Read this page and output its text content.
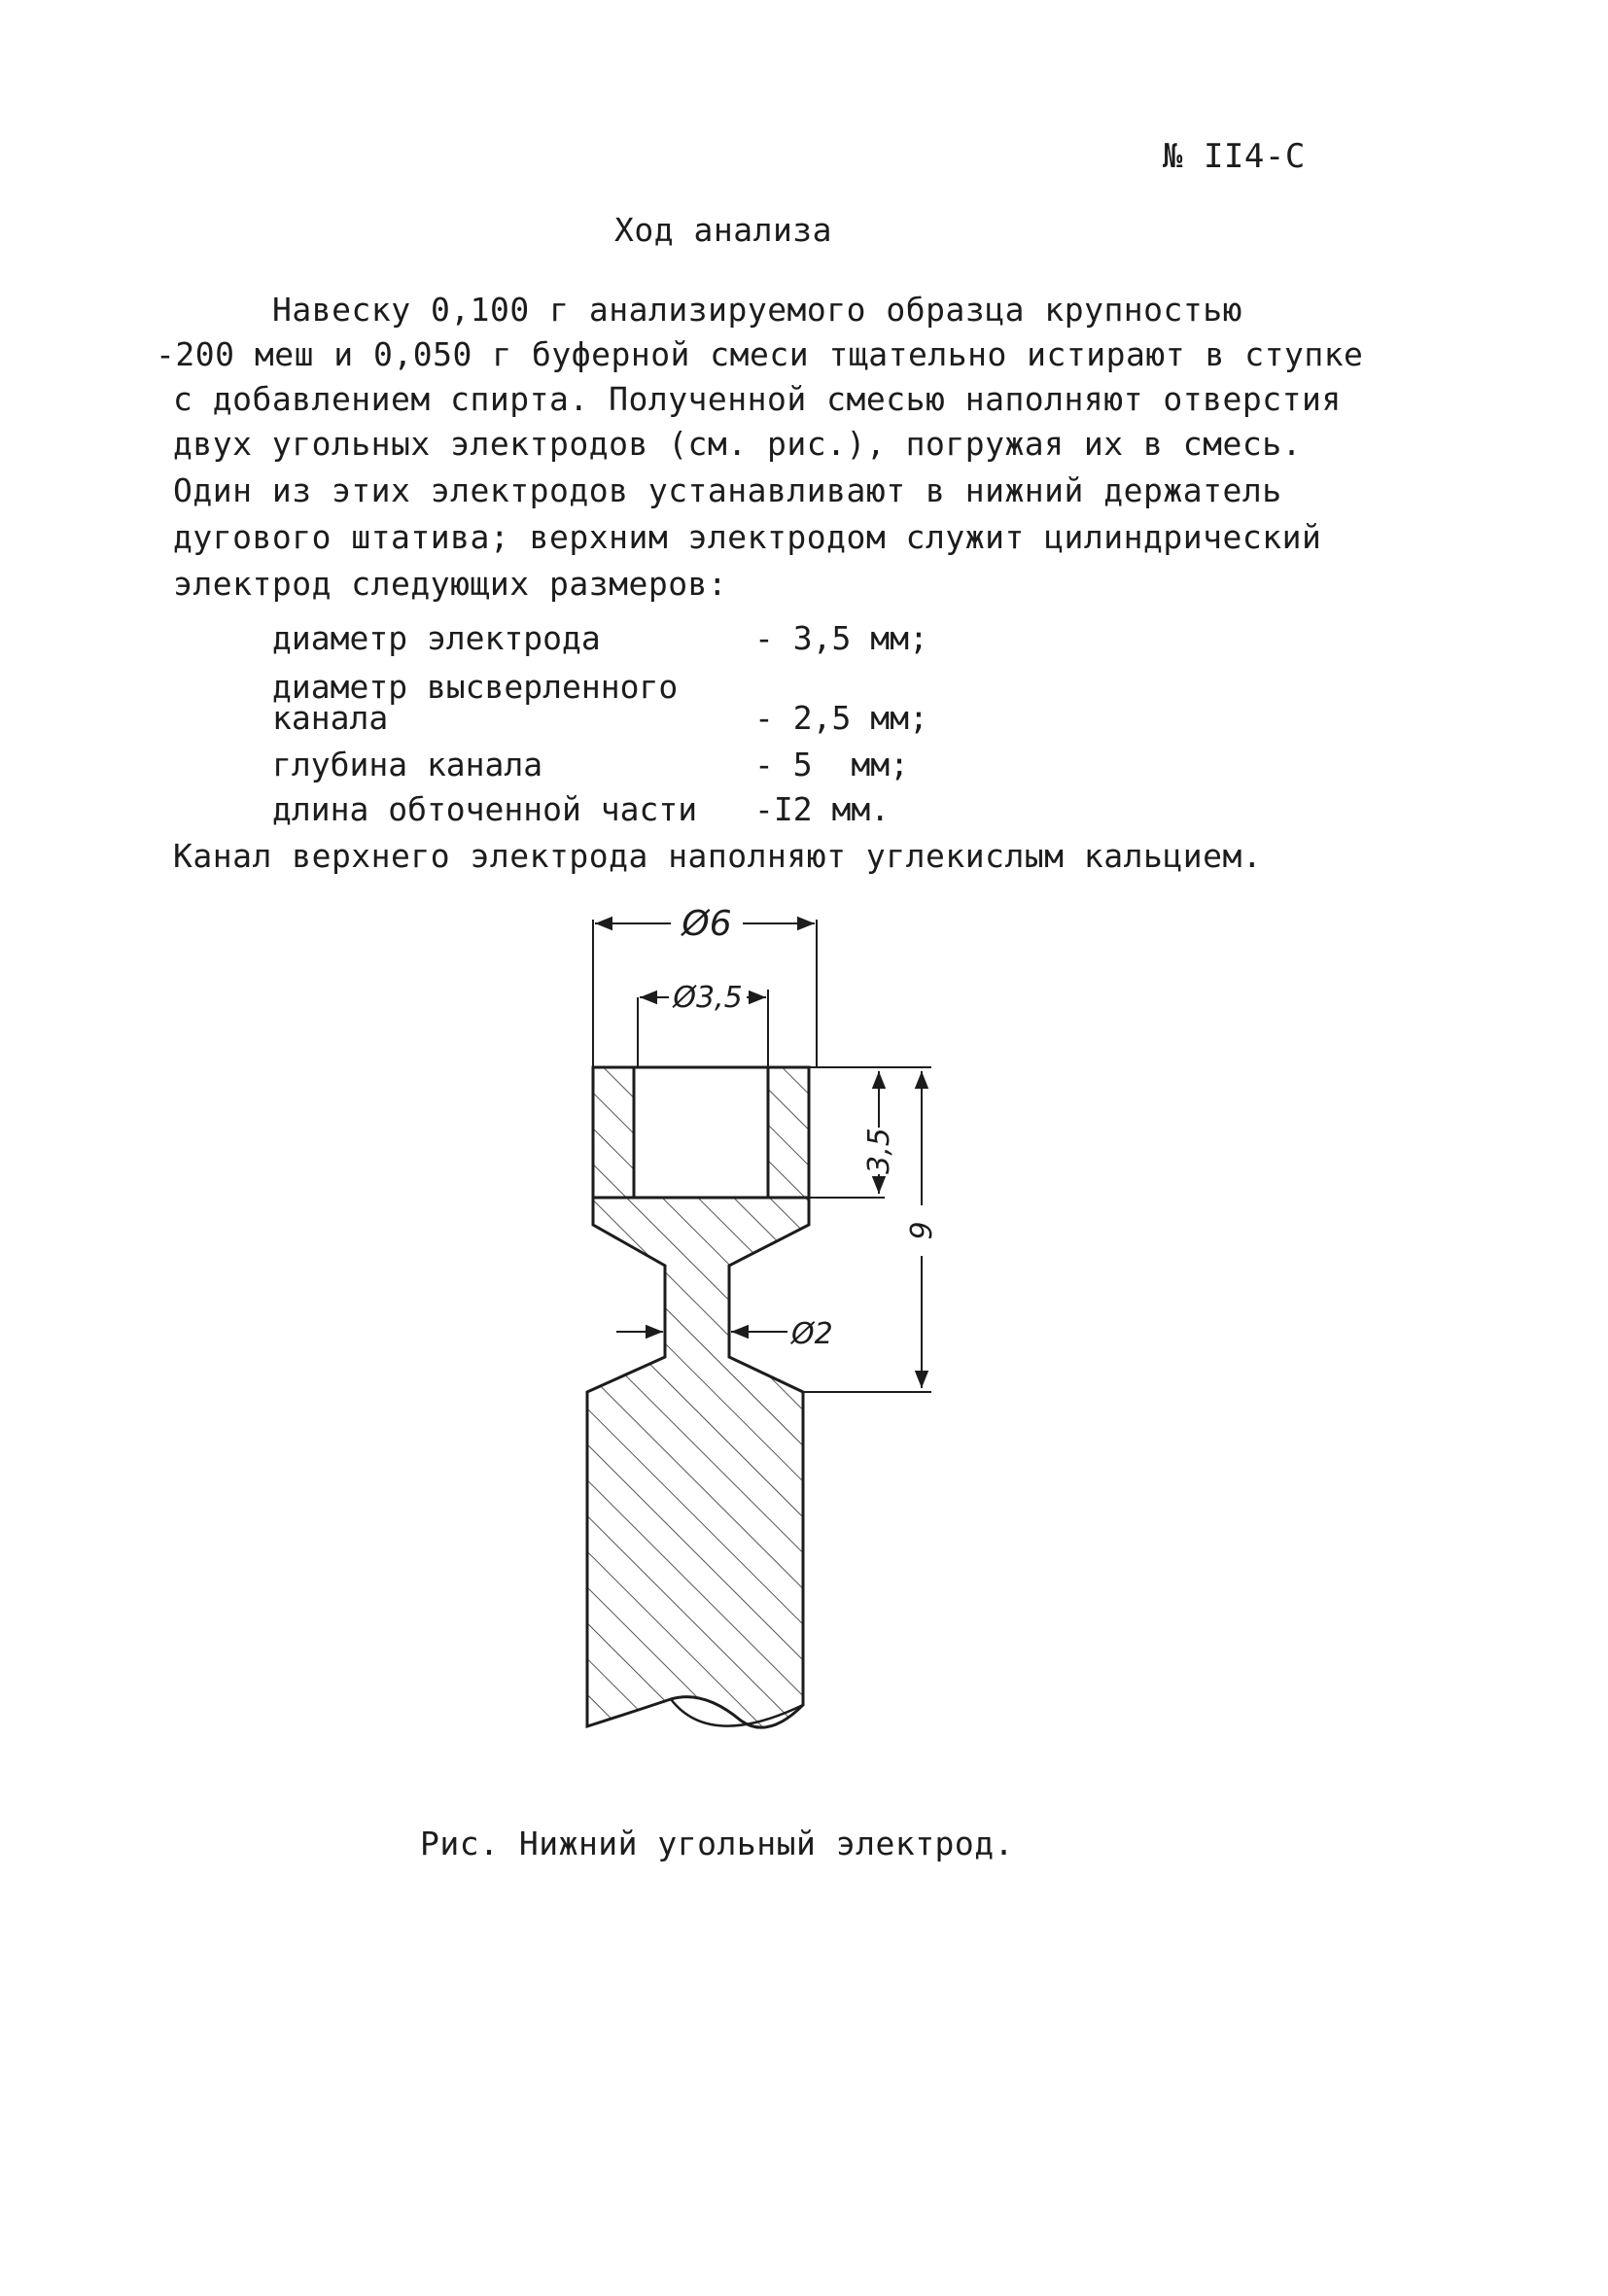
№ II4-С
Ход анализа

Навеску 0,100 г анализируемого образца крупностью

-200 меш и 0,050 г буферной смеси тщательно истирают в ступке

с добавлением спирта. Полученной смесью наполняют отверстия

двух угольных электродов (см. рис.), погружая их в смесь.

Один из этих электродов устанавливают в нижний держатель

дугового штатива; верхним электродом служит цилиндрический

электрод следующих размеров:

диаметр электрода	- 3,5 мм;
диаметр высверленного
канала	- 2,5 мм;
глубина канала	- 5  мм;
длина обточенной части -I2 мм.
Канал верхнего электрода наполняют углекислым кальцием.
Ø6
Ø3,5
3,5
9
Ø2
Рис. Нижний угольный электрод.
